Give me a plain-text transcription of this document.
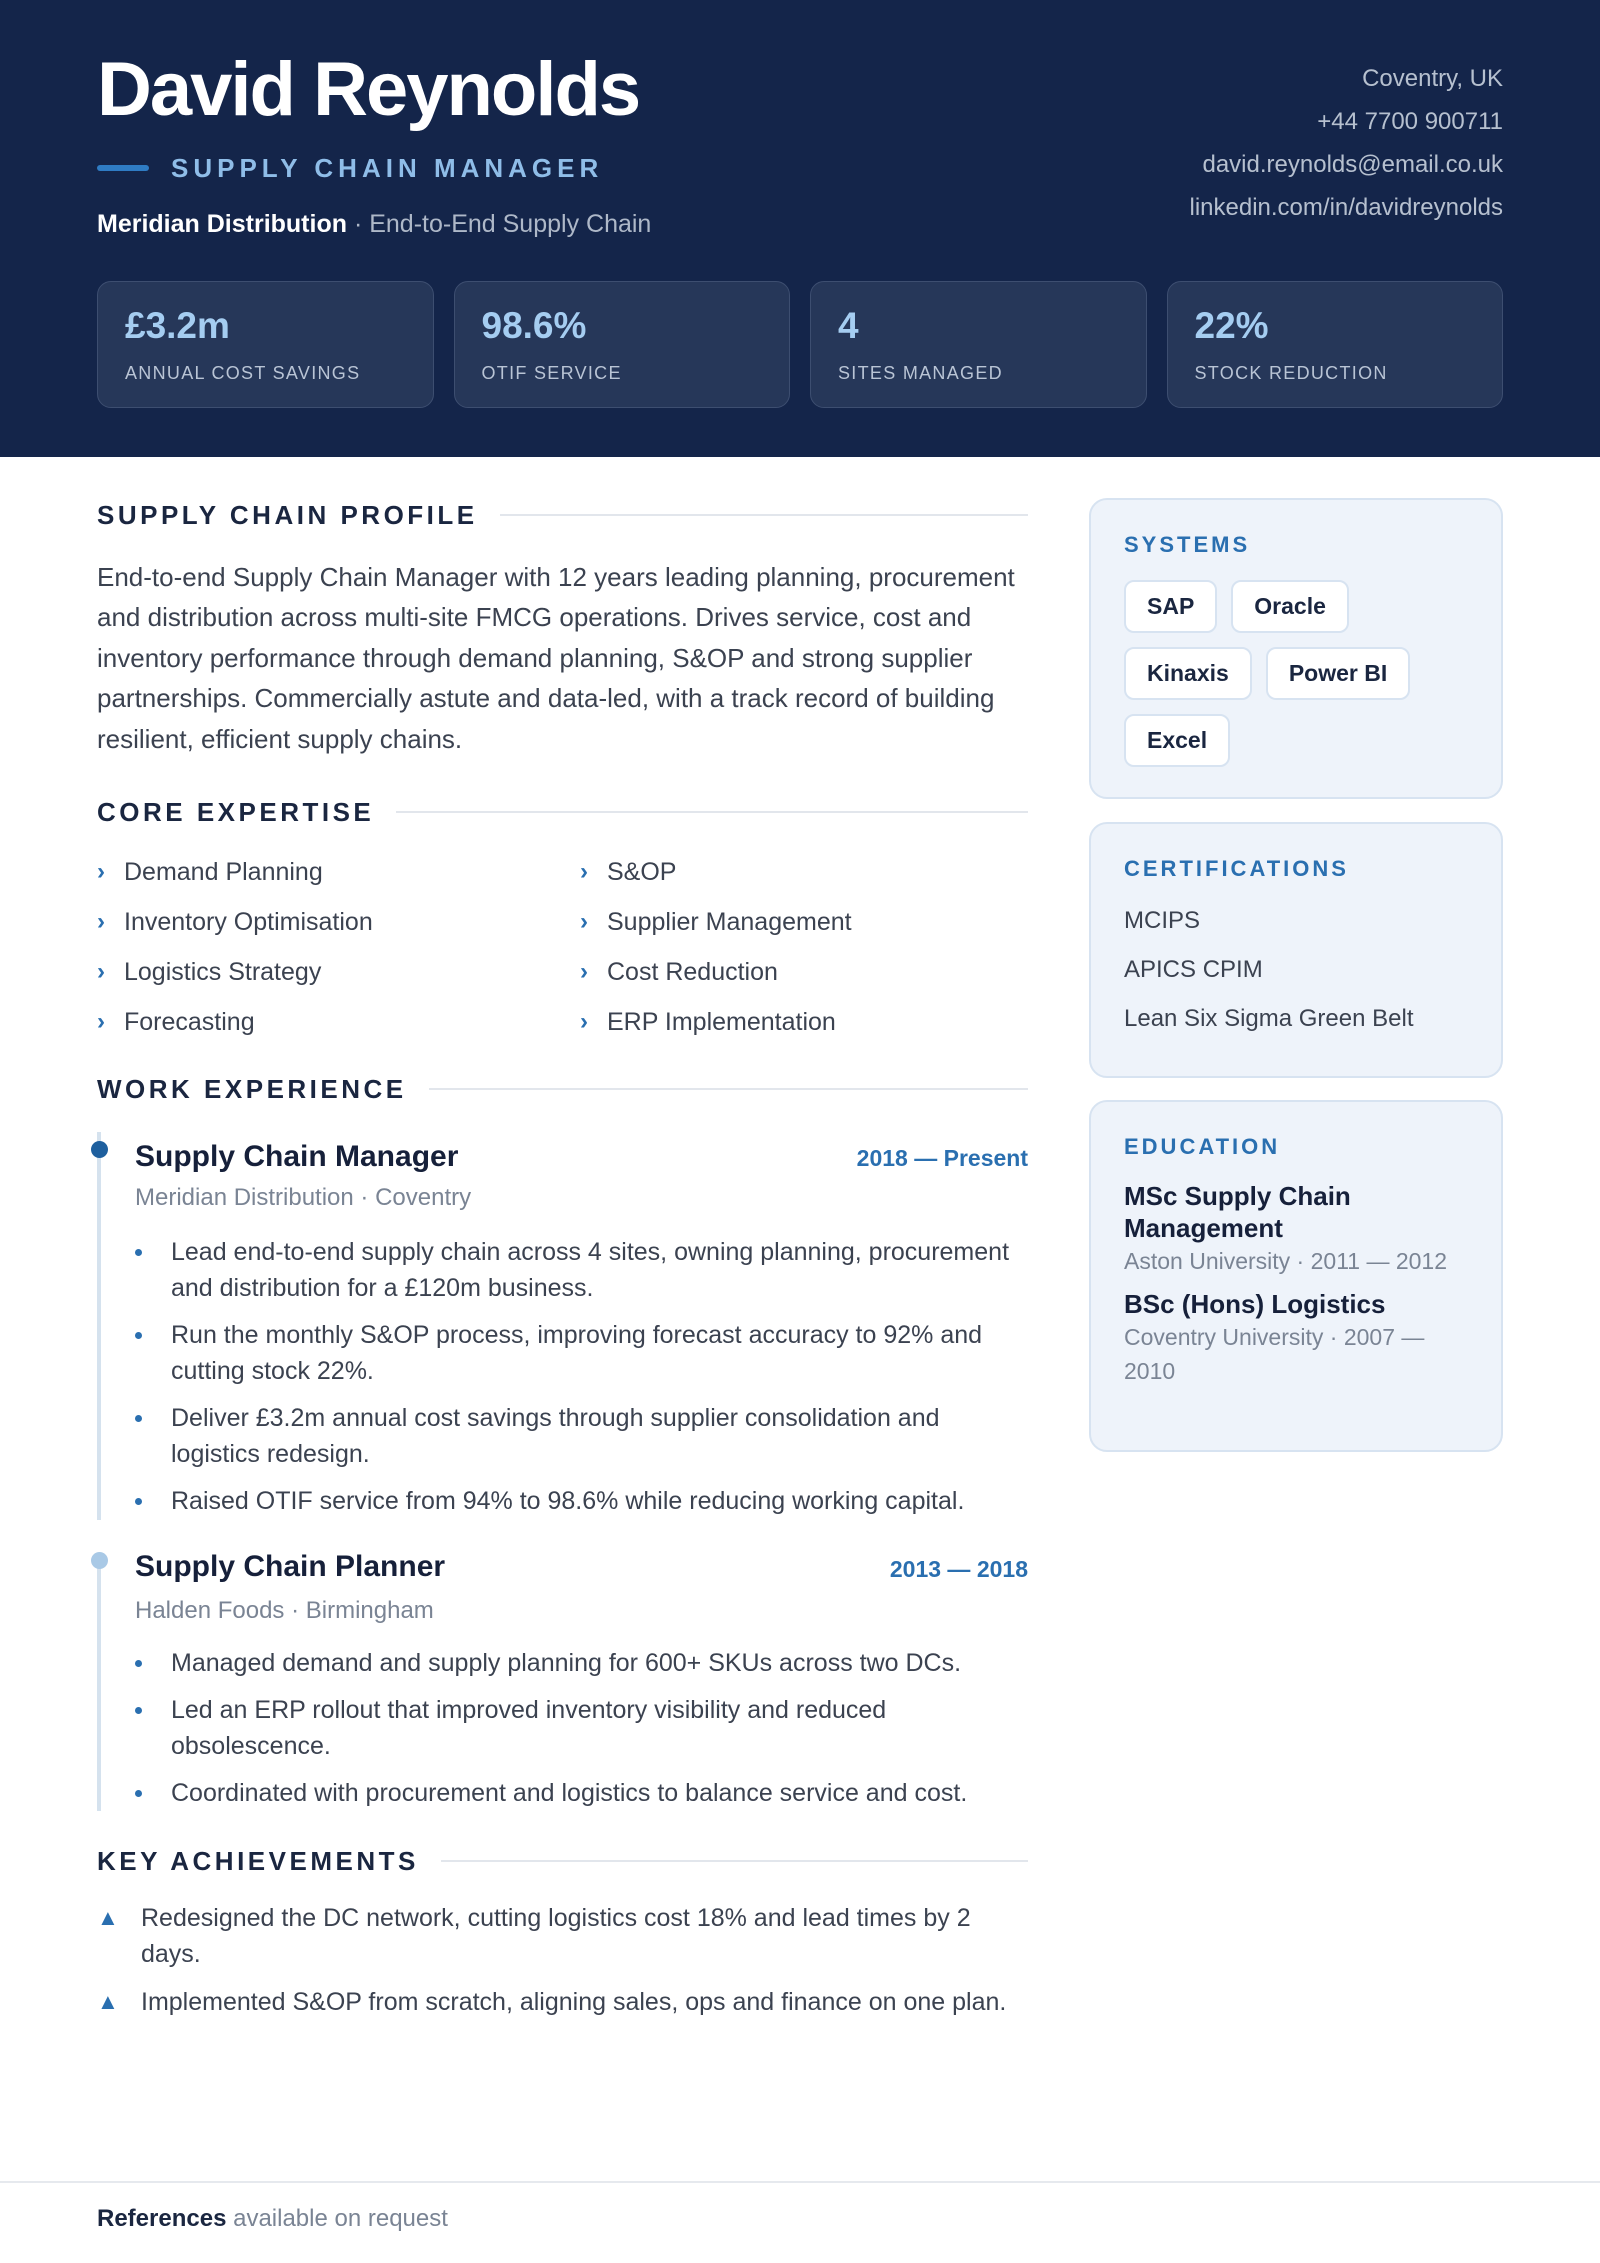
David Reynolds
SUPPLY CHAIN MANAGER
Meridian Distribution · End-to-End Supply Chain
Coventry, UK
+44 7700 900711
david.reynolds@email.co.uk
linkedin.com/in/davidreynolds
£3.2m
ANNUAL COST SAVINGS
98.6%
OTIF SERVICE
4
SITES MANAGED
22%
STOCK REDUCTION
SUPPLY CHAIN PROFILE
End-to-end Supply Chain Manager with 12 years leading planning, procurement and distribution across multi-site FMCG operations. Drives service, cost and inventory performance through demand planning, S&OP and strong supplier partnerships. Commercially astute and data-led, with a track record of building resilient, efficient supply chains.
CORE EXPERTISE
› Demand Planning	› S&OP
› Inventory Optimisation	› Supplier Management
› Logistics Strategy	› Cost Reduction
› Forecasting	› ERP Implementation
WORK EXPERIENCE
Supply Chain Manager	2018 — Present
Meridian Distribution · Coventry
Lead end-to-end supply chain across 4 sites, owning planning, procurement and distribution for a £120m business.
Run the monthly S&OP process, improving forecast accuracy to 92% and cutting stock 22%.
Deliver £3.2m annual cost savings through supplier consolidation and logistics redesign.
Raised OTIF service from 94% to 98.6% while reducing working capital.
Supply Chain Planner	2013 — 2018
Halden Foods · Birmingham
Managed demand and supply planning for 600+ SKUs across two DCs.
Led an ERP rollout that improved inventory visibility and reduced obsolescence.
Coordinated with procurement and logistics to balance service and cost.
KEY ACHIEVEMENTS
▲ Redesigned the DC network, cutting logistics cost 18% and lead times by 2 days.
▲ Implemented S&OP from scratch, aligning sales, ops and finance on one plan.
SYSTEMS
SAP	Oracle
Kinaxis	Power BI
Excel
CERTIFICATIONS
MCIPS
APICS CPIM
Lean Six Sigma Green Belt
EDUCATION
MSc Supply Chain Management
Aston University · 2011 — 2012
BSc (Hons) Logistics
Coventry University · 2007 — 2010
References available on request
